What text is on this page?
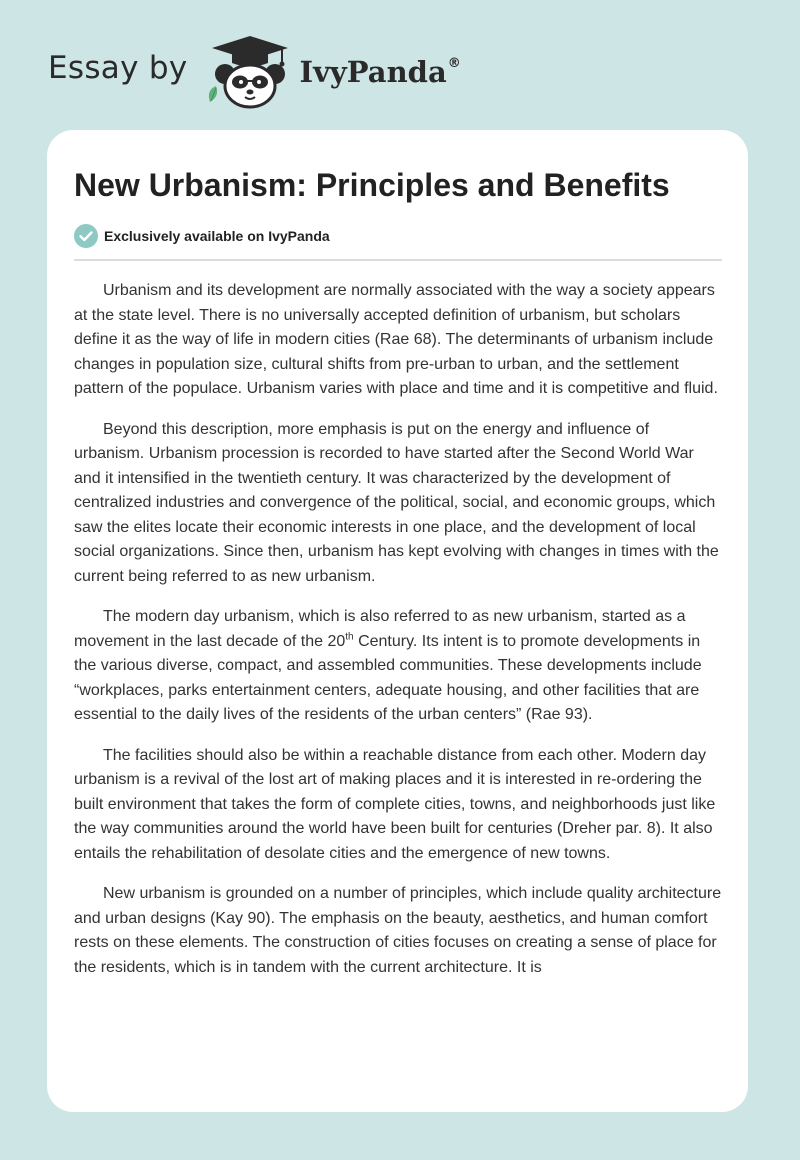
Essay by	IvyPanda®
New Urbanism: Principles and Benefits
Exclusively available on IvyPanda

Urbanism and its development are normally associated with the way a society appears at the state level. There is no universally accepted definition of urbanism, but scholars define it as the way of life in modern cities (Rae 68). The determinants of urbanism include changes in population size, cultural shifts from pre-urban to urban, and the settlement pattern of the populace. Urbanism varies with place and time and it is competitive and fluid.

Beyond this description, more emphasis is put on the energy and influence of urbanism. Urbanism procession is recorded to have started after the Second World War and it intensified in the twentieth century. It was characterized by the development of centralized industries and convergence of the political, social, and economic groups, which saw the elites locate their economic interests in one place, and the development of local social organizations. Since then, urbanism has kept evolving with changes in times with the current being referred to as new urbanism.

The modern day urbanism, which is also referred to as new urbanism, started as a movement in the last decade of the 20th Century. Its intent is to promote developments in the various diverse, compact, and assembled communities. These developments include “workplaces, parks entertainment centers, adequate housing, and other facilities that are essential to the daily lives of the residents of the urban centers” (Rae 93).

The facilities should also be within a reachable distance from each other. Modern day urbanism is a revival of the lost art of making places and it is interested in re-ordering the built environment that takes the form of complete cities, towns, and neighborhoods just like the way communities around the world have been built for centuries (Dreher par. 8). It also entails the rehabilitation of desolate cities and the emergence of new towns.

New urbanism is grounded on a number of principles, which include quality architecture and urban designs (Kay 90). The emphasis on the beauty, aesthetics, and human comfort rests on these elements. The construction of cities focuses on creating a sense of place for the residents, which is in tandem with the current architecture. It is
